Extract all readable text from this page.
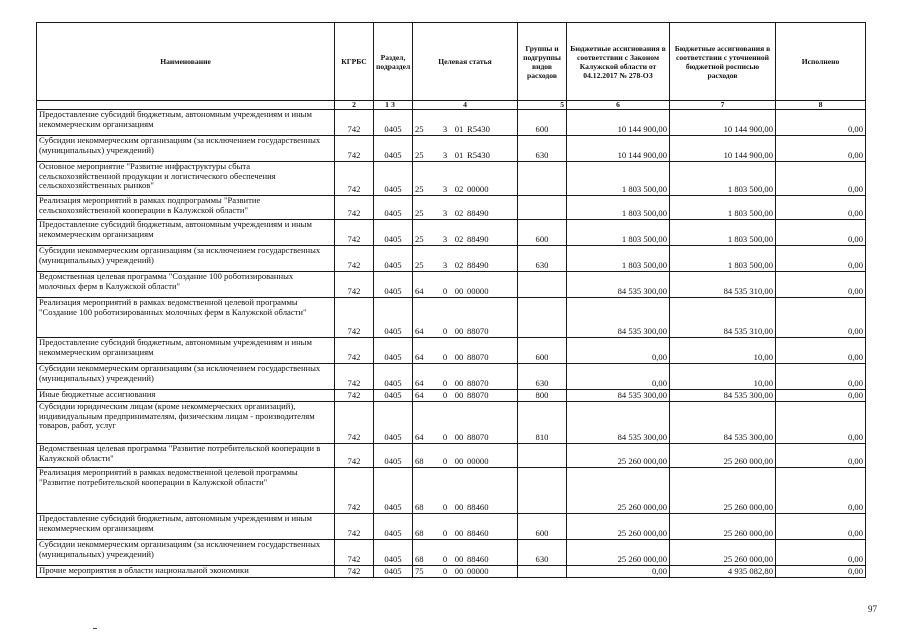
Наименование	КГРБС	Раздел, подраздел	Целевая статья	Группы и подгруппы видов расходов	Бюджетные ассигнования в соответствии с Законом Калужской области от 04.12.2017 № 278-ОЗ	Бюджетные ассигнования в соответствии с уточненной бюджетной росписью расходов	Исполнено
1	2	3	4	5	6	7	8
Предоставление субсидий бюджетным, автономным учреждениям и иным некоммерческим организациям	742	0405	25 3 01 R5430	600	10 144 900,00	10 144 900,00	0,00
Субсидии некоммерческим организациям (за исключением государственных (муниципальных) учреждений)	742	0405	25 3 01 R5430	630	10 144 900,00	10 144 900,00	0,00
Основное мероприятие "Развитие инфраструктуры сбыта сельскохозяйственной продукции и логистического обеспечения сельскохозяйственных рынков"	742	0405	25 3 02 00000		1 803 500,00	1 803 500,00	0,00
Реализация мероприятий в рамках подпрограммы "Развитие сельскохозяйственной кооперации в Калужской области"	742	0405	25 3 02 88490		1 803 500,00	1 803 500,00	0,00
Предоставление субсидий бюджетным, автономным учреждениям и иным некоммерческим организациям	742	0405	25 3 02 88490	600	1 803 500,00	1 803 500,00	0,00
Субсидии некоммерческим организациям (за исключением государственных (муниципальных) учреждений)	742	0405	25 3 02 88490	630	1 803 500,00	1 803 500,00	0,00
Ведомственная целевая программа "Создание 100 роботизированных молочных ферм в Калужской области"	742	0405	64 0 00 00000		84 535 300,00	84 535 310,00	0,00
Реализация мероприятий в рамках ведомственной целевой программы "Создание 100 роботизированных молочных ферм в Калужской области"	742	0405	64 0 00 88070		84 535 300,00	84 535 310,00	0,00
Предоставление субсидий бюджетным, автономным учреждениям и иным некоммерческим организациям	742	0405	64 0 00 88070	600	0,00	10,00	0,00
Субсидии некоммерческим организациям (за исключением государственных (муниципальных) учреждений)	742	0405	64 0 00 88070	630	0,00	10,00	0,00
Иные бюджетные ассигнования	742	0405	64 0 00 88070	800	84 535 300,00	84 535 300,00	0,00
Субсидии юридическим лицам (кроме некоммерческих организаций), индивидуальным предпринимателям, физическим лицам - производителям товаров, работ, услуг	742	0405	64 0 00 88070	810	84 535 300,00	84 535 300,00	0,00
Ведомственная целевая программа "Развитие потребительской кооперации в Калужской области"	742	0405	68 0 00 00000		25 260 000,00	25 260 000,00	0,00
Реализация мероприятий в рамках ведомственной целевой программы "Развитие потребительской кооперации в Калужской области"	742	0405	68 0 00 88460		25 260 000,00	25 260 000,00	0,00
Предоставление субсидий бюджетным, автономным учреждениям и иным некоммерческим организациям	742	0405	68 0 00 88460	600	25 260 000,00	25 260 000,00	0,00
Субсидии некоммерческим организациям (за исключением государственных (муниципальных) учреждений)	742	0405	68 0 00 88460	630	25 260 000,00	25 260 000,00	0,00
Прочие мероприятия в области национальной экономики	742	0405	75 0 00 00000		0,00	4 935 082,80	0,00
97
